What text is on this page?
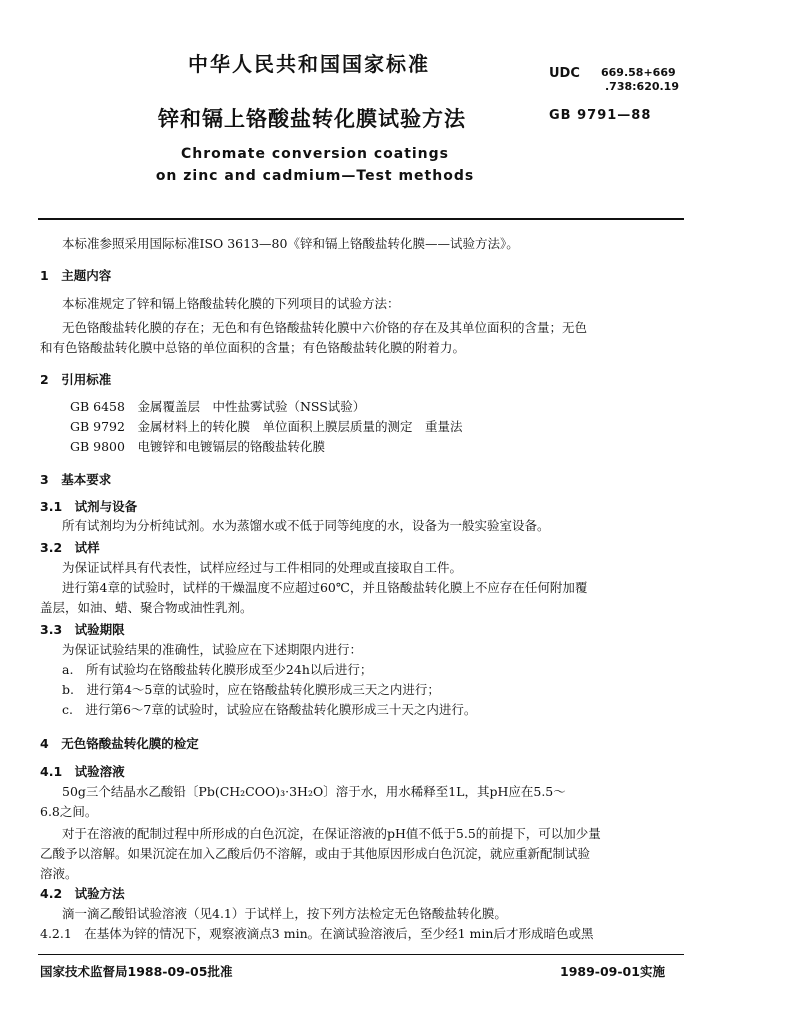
中华人民共和国国家标准	UDC 669.58+669
.738:620.19
锌和镉上铬酸盐转化膜试验方法	GB 9791—88
Chromate conversion coatings
on zinc and cadmium—Test methods
本标准参照采用国际标准ISO 3613—80《锌和镉上铬酸盐转化膜——试验方法》。
1　主题内容
本标准规定了锌和镉上铬酸盐转化膜的下列项目的试验方法：
无色铬酸盐转化膜的存在；无色和有色铬酸盐转化膜中六价铬的存在及其单位面积的含量；无色
和有色铬酸盐转化膜中总铬的单位面积的含量；有色铬酸盐转化膜的附着力。
2　引用标准
GB 6458　金属覆盖层　中性盐雾试验（NSS试验）
GB 9792　金属材料上的转化膜　单位面积上膜层质量的测定　重量法
GB 9800　电镀锌和电镀镉层的铬酸盐转化膜
3　基本要求
3.1　试剂与设备
所有试剂均为分析纯试剂。水为蒸馏水或不低于同等纯度的水，设备为一般实验室设备。
3.2　试样
为保证试样具有代表性，试样应经过与工件相同的处理或直接取自工件。
进行第4章的试验时，试样的干燥温度不应超过60℃，并且铬酸盐转化膜上不应存在任何附加覆
盖层，如油、蜡、聚合物或油性乳剂。
3.3　试验期限
为保证试验结果的准确性，试验应在下述期限内进行：
a.　所有试验均在铬酸盐转化膜形成至少24h以后进行；
b.　进行第4～5章的试验时，应在铬酸盐转化膜形成三天之内进行；
c.　进行第6～7章的试验时，试验应在铬酸盐转化膜形成三十天之内进行。
4　无色铬酸盐转化膜的检定
4.1　试验溶液
50g三个结晶水乙酸铅〔Pb(CH₂COO)₃·3H₂O〕溶于水，用水稀释至1L，其pH应在5.5～
6.8之间。
对于在溶液的配制过程中所形成的白色沉淀，在保证溶液的pH值不低于5.5的前提下，可以加少量
乙酸予以溶解。如果沉淀在加入乙酸后仍不溶解，或由于其他原因形成白色沉淀，就应重新配制试验
溶液。
4.2　试验方法
滴一滴乙酸铅试验溶液（见4.1）于试样上，按下列方法检定无色铬酸盐转化膜。
4.2.1　在基体为锌的情况下，观察液滴点3 min。在滴试验溶液后，至少经1 min后才形成暗色或黑
国家技术监督局1988-09-05批准	1989-09-01实施
